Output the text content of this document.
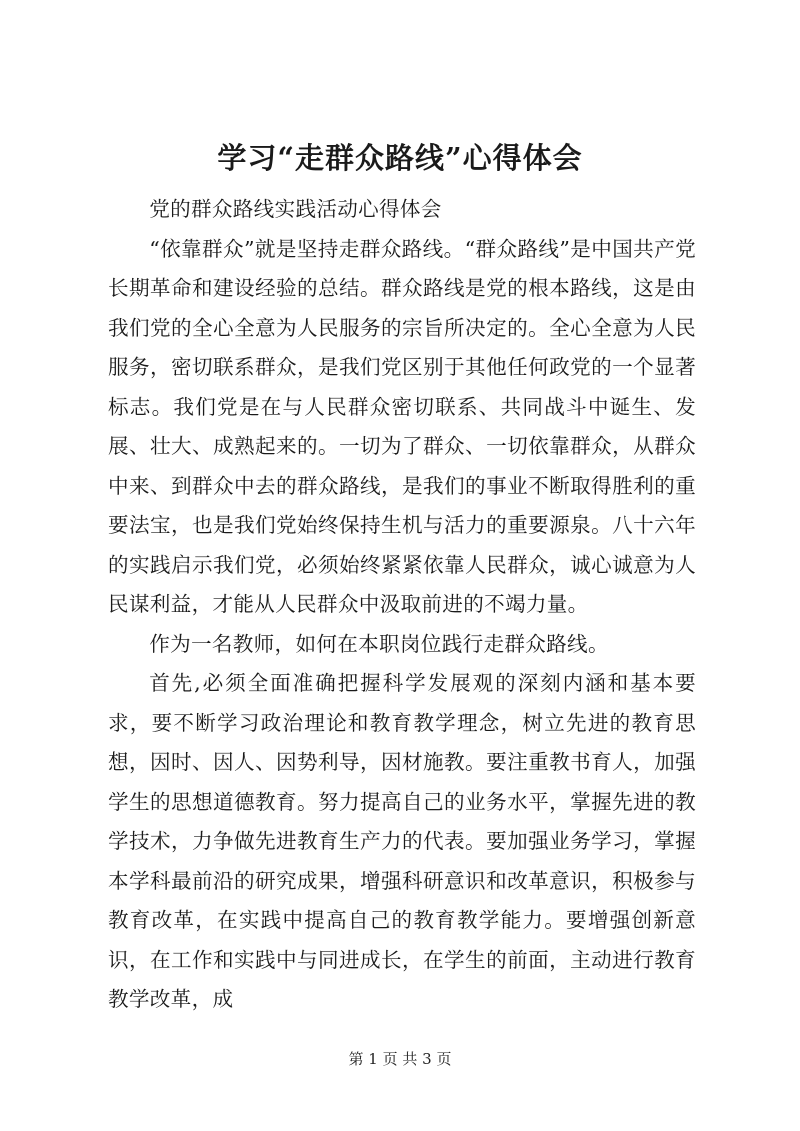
学习“走群众路线”心得体会

党的群众路线实践活动心得体会

“依靠群众”就是坚持走群众路线。“群众路线”是中国共产党长期革命和建设经验的总结。群众路线是党的根本路线，这是由我们党的全心全意为人民服务的宗旨所决定的。全心全意为人民服务，密切联系群众，是我们党区别于其他任何政党的一个显著标志。我们党是在与人民群众密切联系、共同战斗中诞生、发展、壮大、成熟起来的。一切为了群众、一切依靠群众，从群众中来、到群众中去的群众路线，是我们的事业不断取得胜利的重要法宝，也是我们党始终保持生机与活力的重要源泉。八十六年的实践启示我们党，必须始终紧紧依靠人民群众，诚心诚意为人民谋利益，才能从人民群众中汲取前进的不竭力量。

作为一名教师，如何在本职岗位践行走群众路线。

首先,必须全面准确把握科学发展观的深刻内涵和基本要求，要不断学习政治理论和教育教学理念，树立先进的教育思想，因时、因人、因势利导，因材施教。要注重教书育人，加强学生的思想道德教育。努力提高自己的业务水平，掌握先进的教学技术，力争做先进教育生产力的代表。要加强业务学习，掌握本学科最前沿的研究成果，增强科研意识和改革意识，积极参与教育改革，在实践中提高自己的教育教学能力。要增强创新意识，在工作和实践中与同进成长，在学生的前面，主动进行教育教学改革，成

第 1 页 共 3 页
